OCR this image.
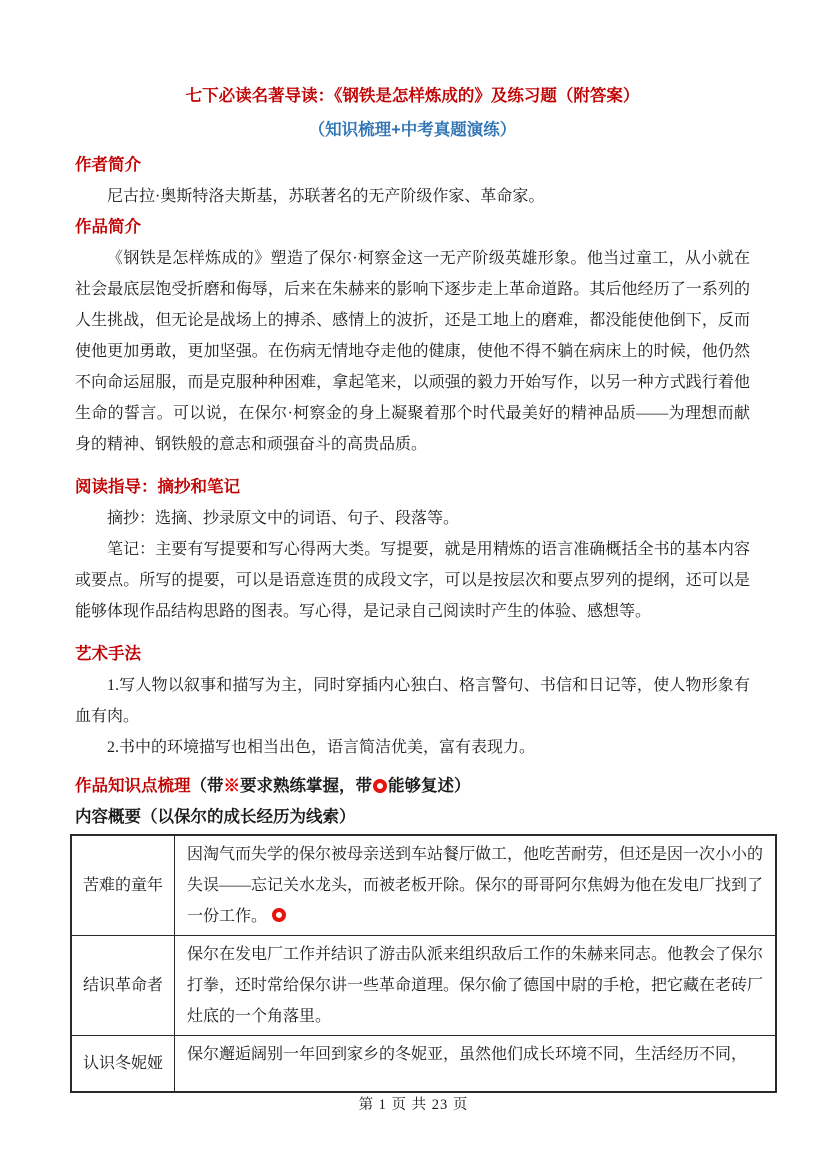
七下必读名著导读：《钢铁是怎样炼成的》及练习题（附答案）
（知识梳理+中考真题演练）
作者简介

尼古拉·奥斯特洛夫斯基，苏联著名的无产阶级作家、革命家。

作品简介

《钢铁是怎样炼成的》塑造了保尔·柯察金这一无产阶级英雄形象。他当过童工，从小就在社会最底层饱受折磨和侮辱，后来在朱赫来的影响下逐步走上革命道路。其后他经历了一系列的人生挑战，但无论是战场上的搏杀、感情上的波折，还是工地上的磨难，都没能使他倒下，反而使他更加勇敢，更加坚强。在伤病无情地夺走他的健康，使他不得不躺在病床上的时候，他仍然不向命运屈服，而是克服种种困难，拿起笔来，以顽强的毅力开始写作，以另一种方式践行着他生命的誓言。可以说，在保尔·柯察金的身上凝聚着那个时代最美好的精神品质——为理想而献身的精神、钢铁般的意志和顽强奋斗的高贵品质。

阅读指导：摘抄和笔记

摘抄：选摘、抄录原文中的词语、句子、段落等。

笔记：主要有写提要和写心得两大类。写提要，就是用精炼的语言准确概括全书的基本内容或要点。所写的提要，可以是语意连贯的成段文字，可以是按层次和要点罗列的提纲，还可以是能够体现作品结构思路的图表。写心得，是记录自己阅读时产生的体验、感想等。

艺术手法

1.写人物以叙事和描写为主，同时穿插内心独白、格言警句、书信和日记等，使人物形象有血有肉。

2.书中的环境描写也相当出色，语言简洁优美，富有表现力。

作品知识点梳理（带※要求熟练掌握，带 能够复述）
内容概要（以保尔的成长经历为线索）
苦难的童年	因淘气而失学的保尔被母亲送到车站餐厅做工，他吃苦耐劳，但还是因一次小小的失误——忘记关水龙头，而被老板开除。保尔的哥哥阿尔焦姆为他在发电厂找到了一份工作。
结识革命者	保尔在发电厂工作并结识了游击队派来组织敌后工作的朱赫来同志。他教会了保尔打拳，还时常给保尔讲一些革命道理。保尔偷了德国中尉的手枪，把它藏在老砖厂灶底的一个角落里。
认识冬妮娅	保尔邂逅阔别一年回到家乡的冬妮亚，虽然他们成长环境不同，生活经历不同，
第 1 页 共 23 页
